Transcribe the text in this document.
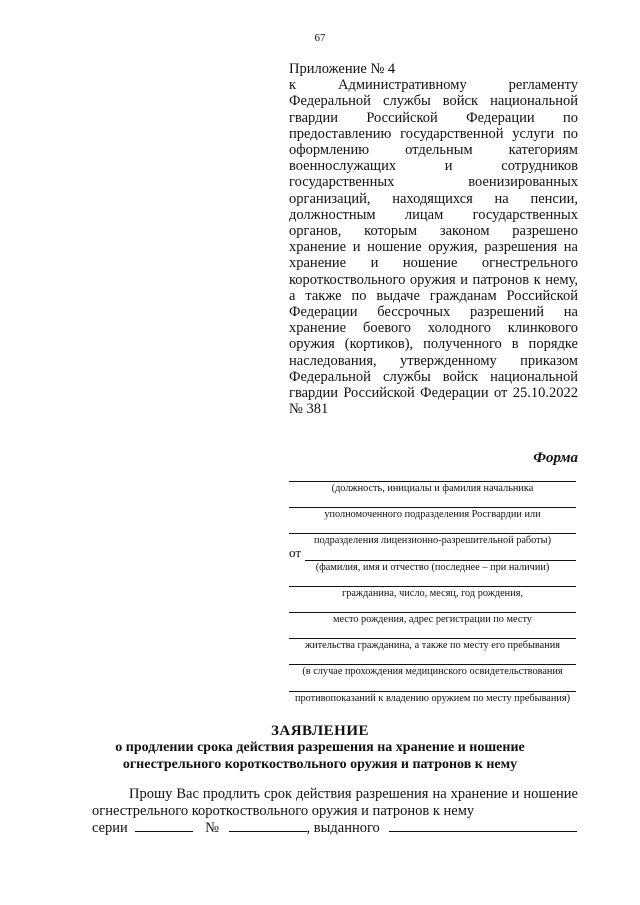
67
Приложение № 4
к Административному регламенту Федеральной службы войск национальной гвардии Российской Федерации по предоставлению государственной услуги по оформлению отдельным категориям военнослужащих и сотрудников государственных военизированных организаций, находящихся на пенсии, должностным лицам государственных органов, которым законом разрешено хранение и ношение оружия, разрешения на хранение и ношение огнестрельного короткоствольного оружия и патронов к нему, а также по выдаче гражданам Российской Федерации бессрочных разрешений на хранение боевого холодного клинкового оружия (кортиков), полученного в порядке наследования, утвержденному приказом Федеральной службы войск национальной гвардии Российской Федерации от 25.10.2022 № 381
Форма
(должность, инициалы и фамилия начальника
уполномоченного подразделения Росгвардии или
подразделения лицензионно-разрешительной работы)
от
(фамилия, имя и отчество (последнее – при наличии)
гражданина, число, месяц, год рождения,
место рождения, адрес регистрации по месту
жительства гражданина, а также по месту его пребывания
(в случае прохождения медицинского освидетельствования
противопоказаний к владению оружием по месту пребывания)
ЗАЯВЛЕНИЕ
о продлении срока действия разрешения на хранение и ношение
огнестрельного короткоствольного оружия и патронов к нему
Прошу Вас продлить срок действия разрешения на хранение и ношение огнестрельного короткоствольного оружия и патронов к нему
серии	№	, выданного
